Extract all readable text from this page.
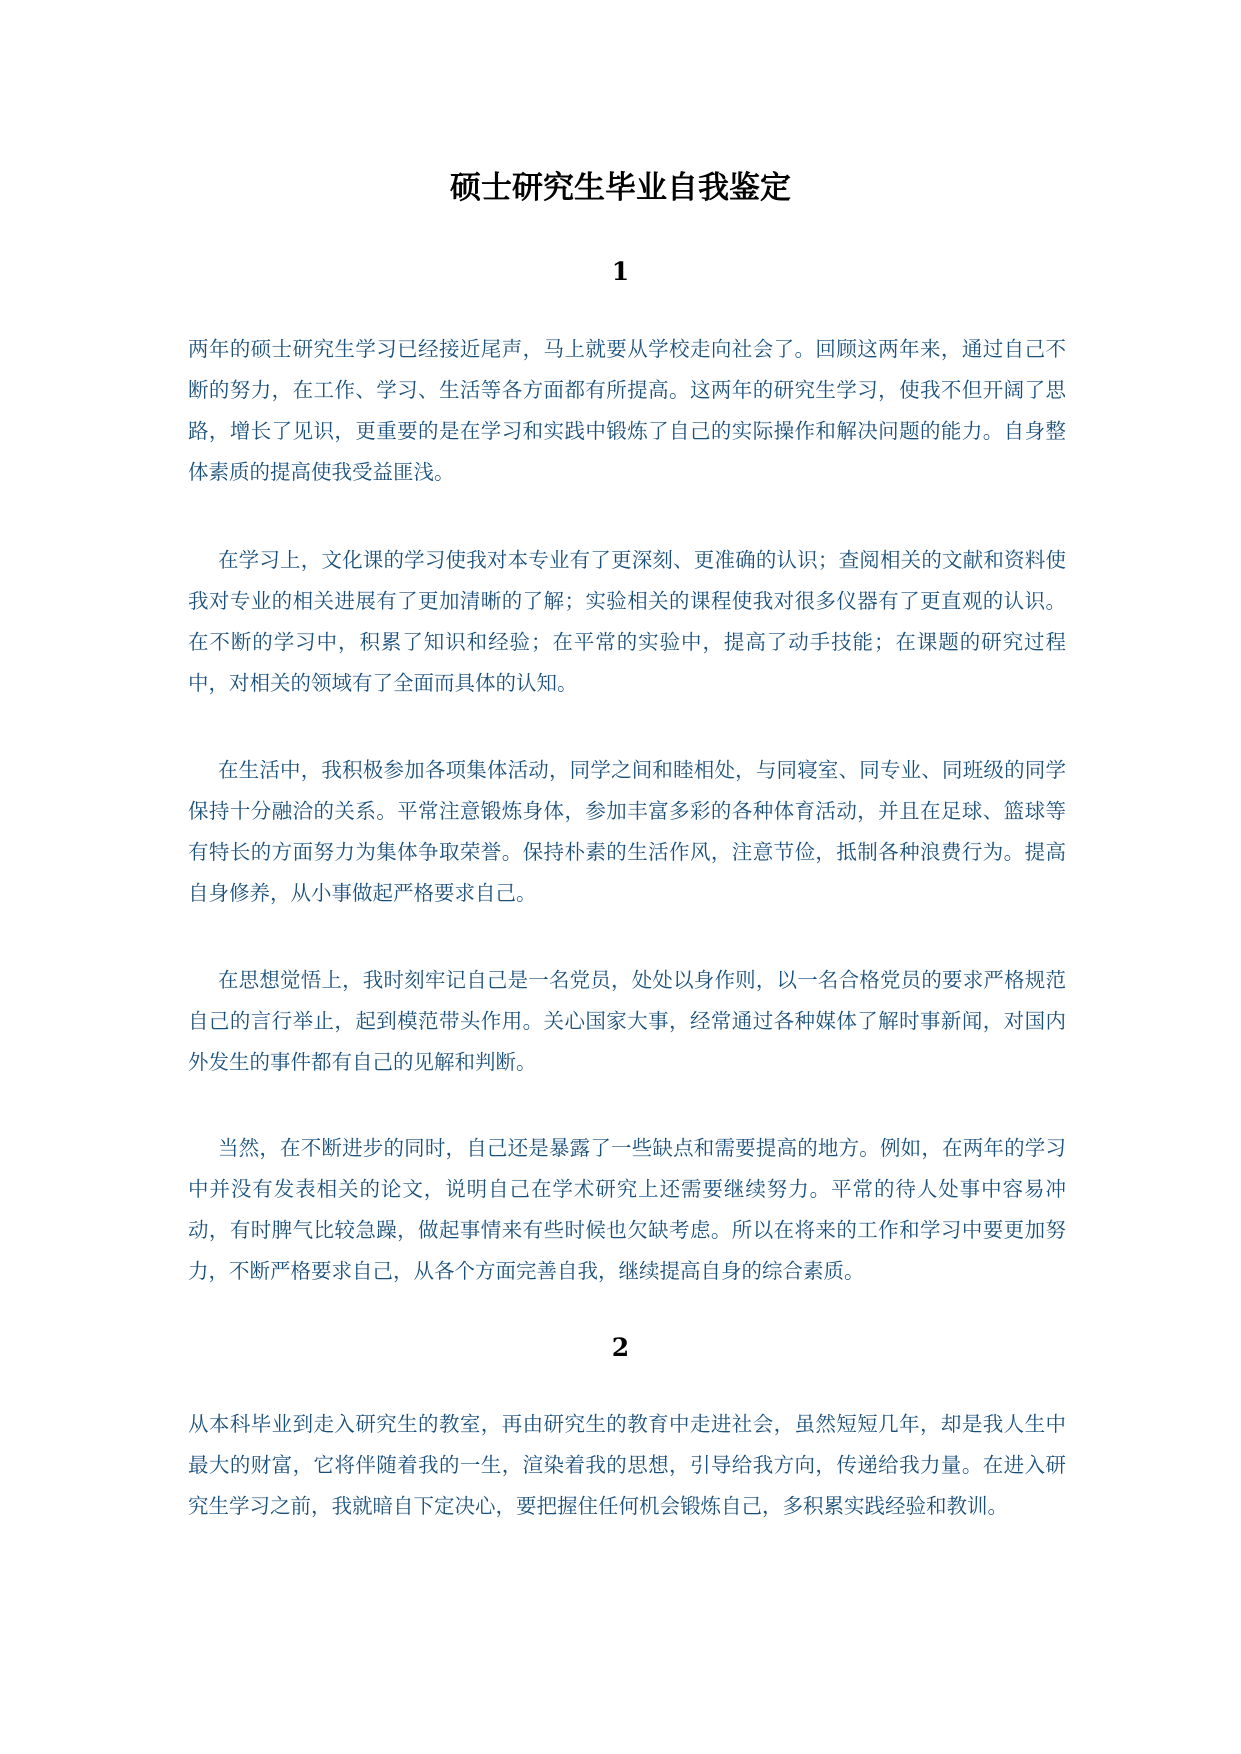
硕士研究生毕业自我鉴定
1

两年的硕士研究生学习已经接近尾声，马上就要从学校走向社会了。回顾这两年来，通过自己不断的努力，在工作、学习、生活等各方面都有所提高。这两年的研究生学习，使我不但开阔了思路，增长了见识，更重要的是在学习和实践中锻炼了自己的实际操作和解决问题的能力。自身整体素质的提高使我受益匪浅。

在学习上，文化课的学习使我对本专业有了更深刻、更准确的认识；查阅相关的文献和资料使我对专业的相关进展有了更加清晰的了解；实验相关的课程使我对很多仪器有了更直观的认识。在不断的学习中，积累了知识和经验；在平常的实验中，提高了动手技能；在课题的研究过程中，对相关的领域有了全面而具体的认知。

在生活中，我积极参加各项集体活动，同学之间和睦相处，与同寝室、同专业、同班级的同学保持十分融洽的关系。平常注意锻炼身体，参加丰富多彩的各种体育活动，并且在足球、篮球等有特长的方面努力为集体争取荣誉。保持朴素的生活作风，注意节俭，抵制各种浪费行为。提高自身修养，从小事做起严格要求自己。

在思想觉悟上，我时刻牢记自己是一名党员，处处以身作则，以一名合格党员的要求严格规范自己的言行举止，起到模范带头作用。关心国家大事，经常通过各种媒体了解时事新闻，对国内外发生的事件都有自己的见解和判断。

当然，在不断进步的同时，自己还是暴露了一些缺点和需要提高的地方。例如，在两年的学习中并没有发表相关的论文，说明自己在学术研究上还需要继续努力。平常的待人处事中容易冲动，有时脾气比较急躁，做起事情来有些时候也欠缺考虑。所以在将来的工作和学习中要更加努力，不断严格要求自己，从各个方面完善自我，继续提高自身的综合素质。

2

从本科毕业到走入研究生的教室，再由研究生的教育中走进社会，虽然短短几年，却是我人生中最大的财富，它将伴随着我的一生，渲染着我的思想，引导给我方向，传递给我力量。在进入研究生学习之前，我就暗自下定决心，要把握住任何机会锻炼自己，多积累实践经验和教训。
